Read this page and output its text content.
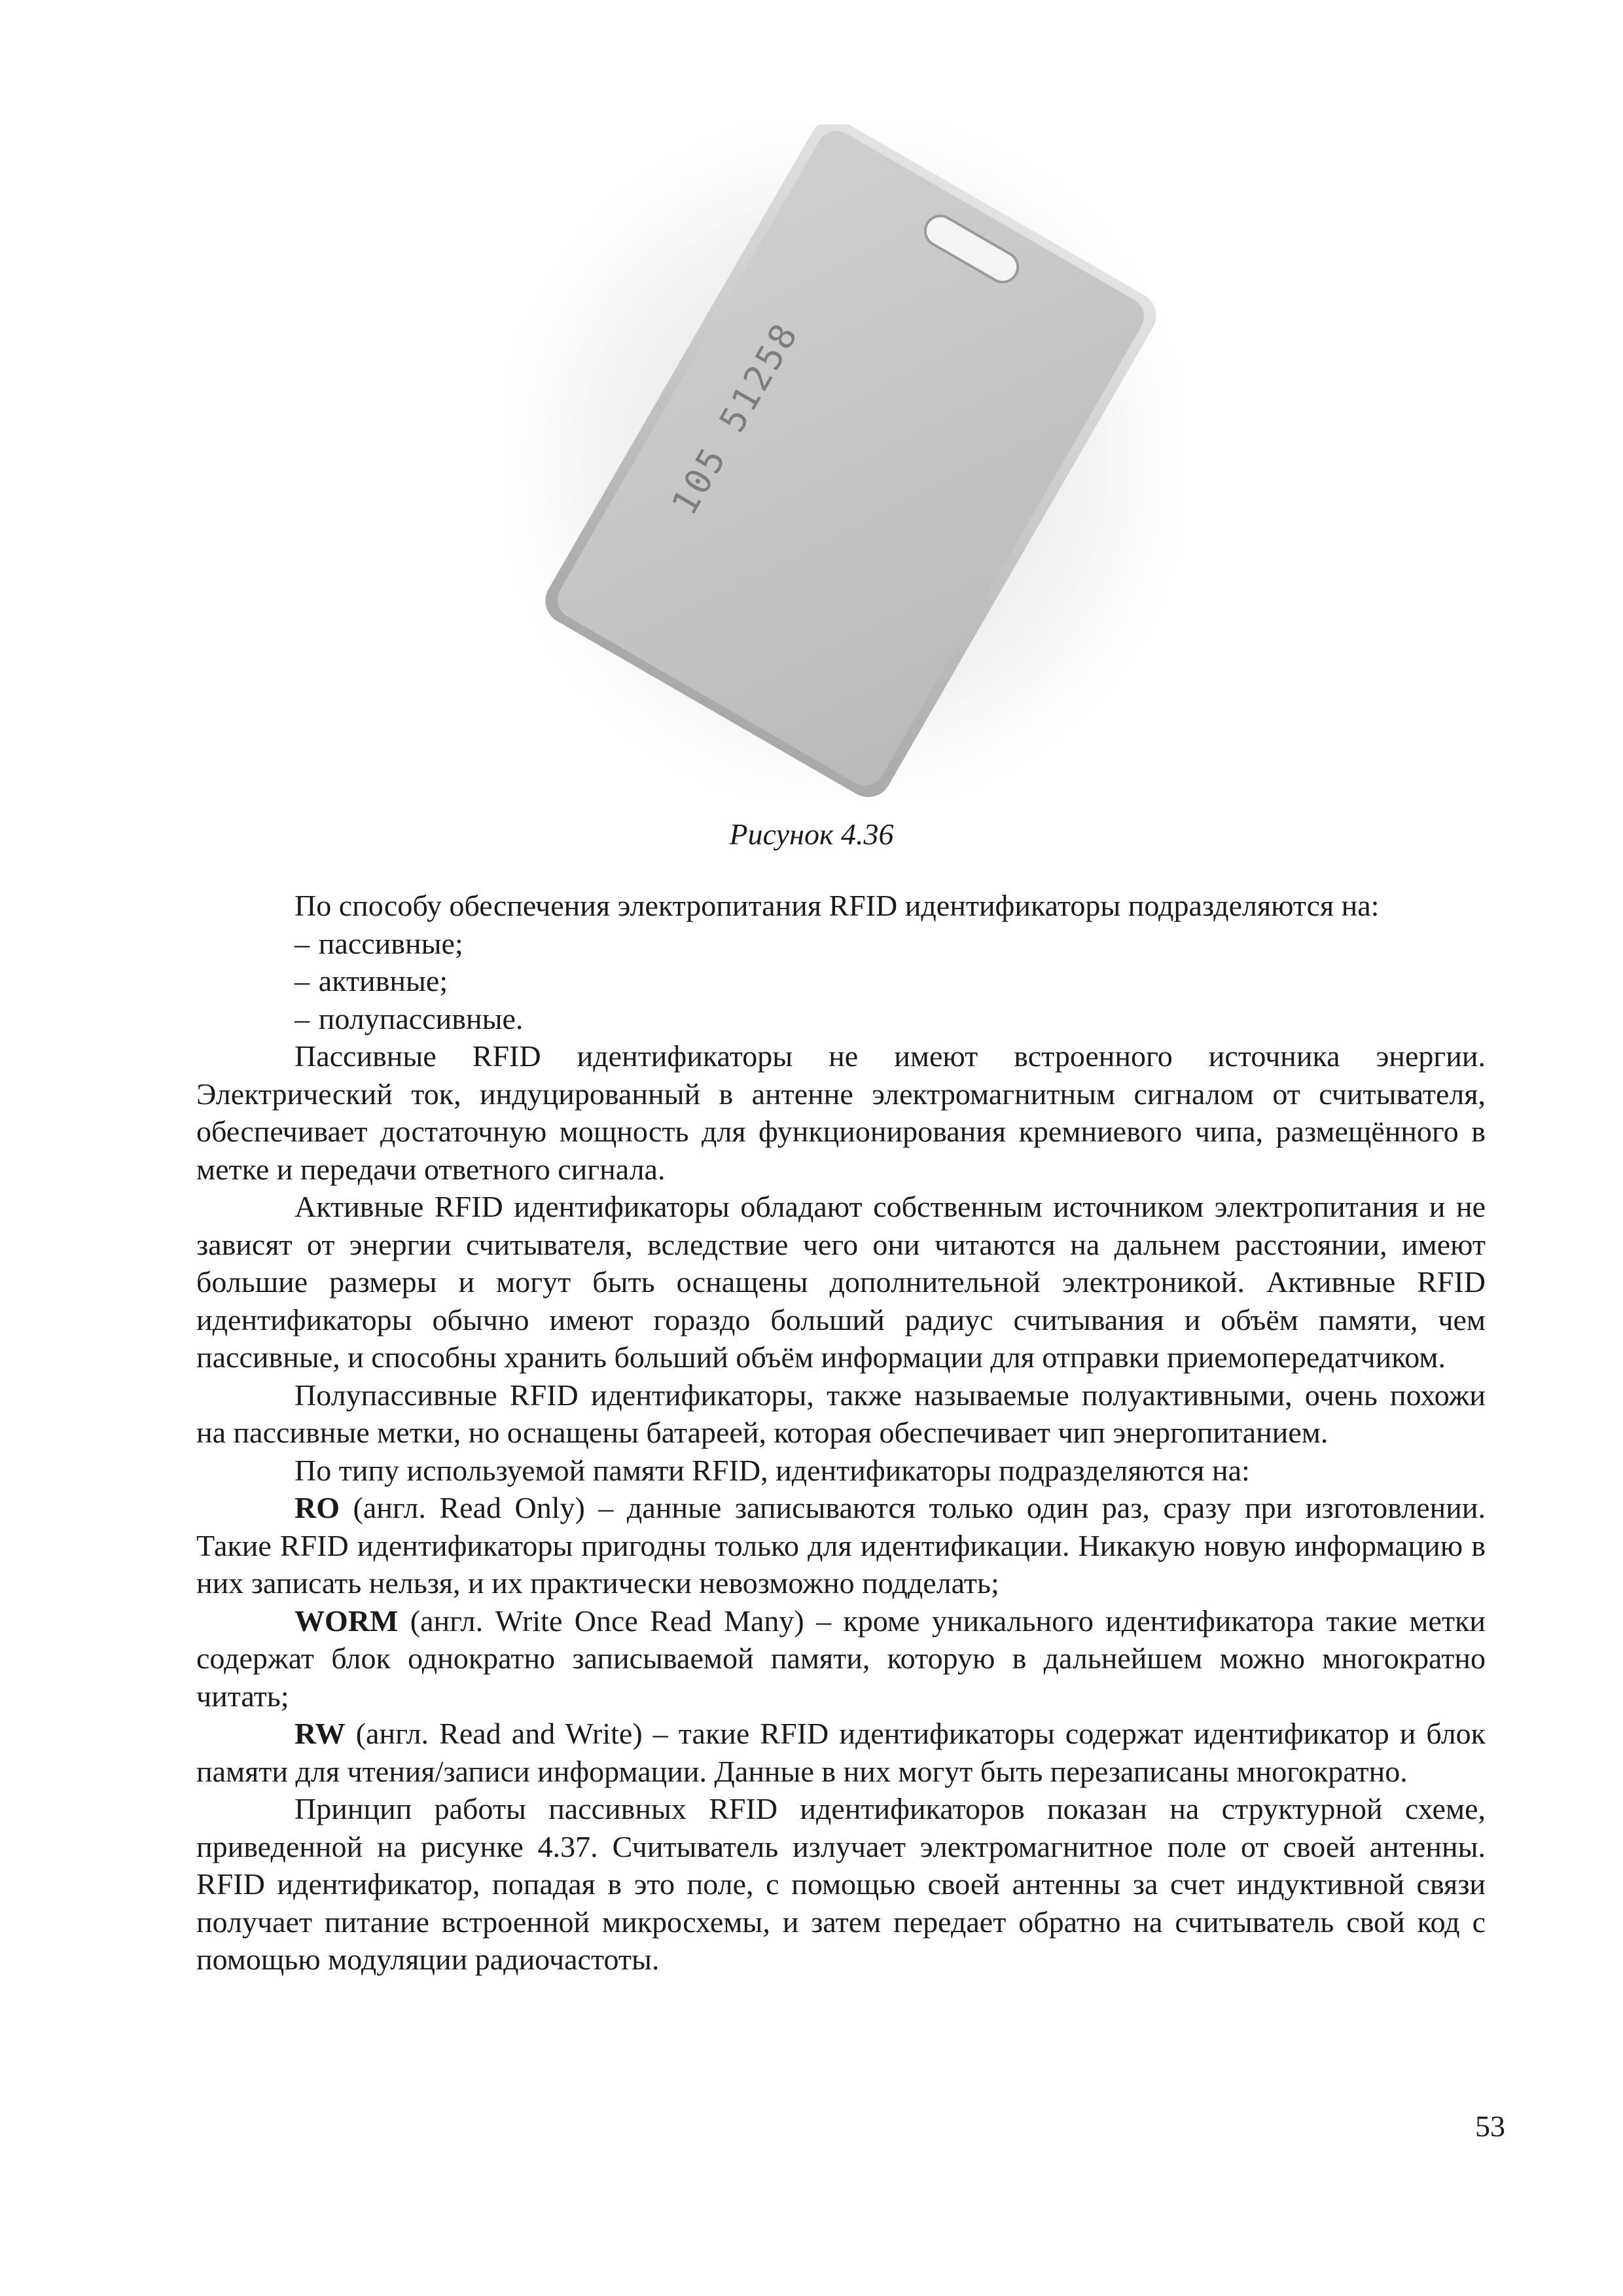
105 51258
Рисунок 4.36

По способу обеспечения электропитания RFID идентификаторы подразделяются на:

– пассивные;

– активные;

– полупассивные.

Пассивные RFID идентификаторы не имеют встроенного источника энергии. Электрический ток, индуцированный в антенне электромагнитным сигналом от считывателя, обеспечивает достаточную мощность для функционирования кремниевого чипа, размещённого в метке и передачи ответного сигнала.

Активные RFID идентификаторы обладают собственным источником электропитания и не зависят от энергии считывателя, вследствие чего они читаются на дальнем расстоянии, имеют большие размеры и могут быть оснащены дополнительной электроникой. Активные RFID идентификаторы обычно имеют гораздо больший радиус считывания и объём памяти, чем пассивные, и способны хранить больший объём информации для отправки приемопередатчиком.

Полупассивные RFID идентификаторы, также называемые полуактивными, очень похожи на пассивные метки, но оснащены батареей, которая обеспечивает чип энергопитанием.

По типу используемой памяти RFID, идентификаторы подразделяются на:

RO (англ. Read Only) – данные записываются только один раз, сразу при изготовлении. Такие RFID идентификаторы пригодны только для идентификации. Никакую новую информацию в них записать нельзя, и их практически невозможно подделать;

WORM (англ. Write Once Read Many) – кроме уникального идентификатора такие метки содержат блок однократно записываемой памяти, которую в дальнейшем можно многократно читать;

RW (англ. Read and Write) – такие RFID идентификаторы содержат идентификатор и блок памяти для чтения/записи информации. Данные в них могут быть перезаписаны многократно.

Принцип работы пассивных RFID идентификаторов показан на структурной схеме, приведенной на рисунке 4.37. Считыватель излучает электромагнитное поле от своей антенны. RFID идентификатор, попадая в это поле, с помощью своей антенны за счет индуктивной связи получает питание встроенной микросхемы, и затем передает обратно на считыватель свой код с помощью модуляции радиочастоты.

53
